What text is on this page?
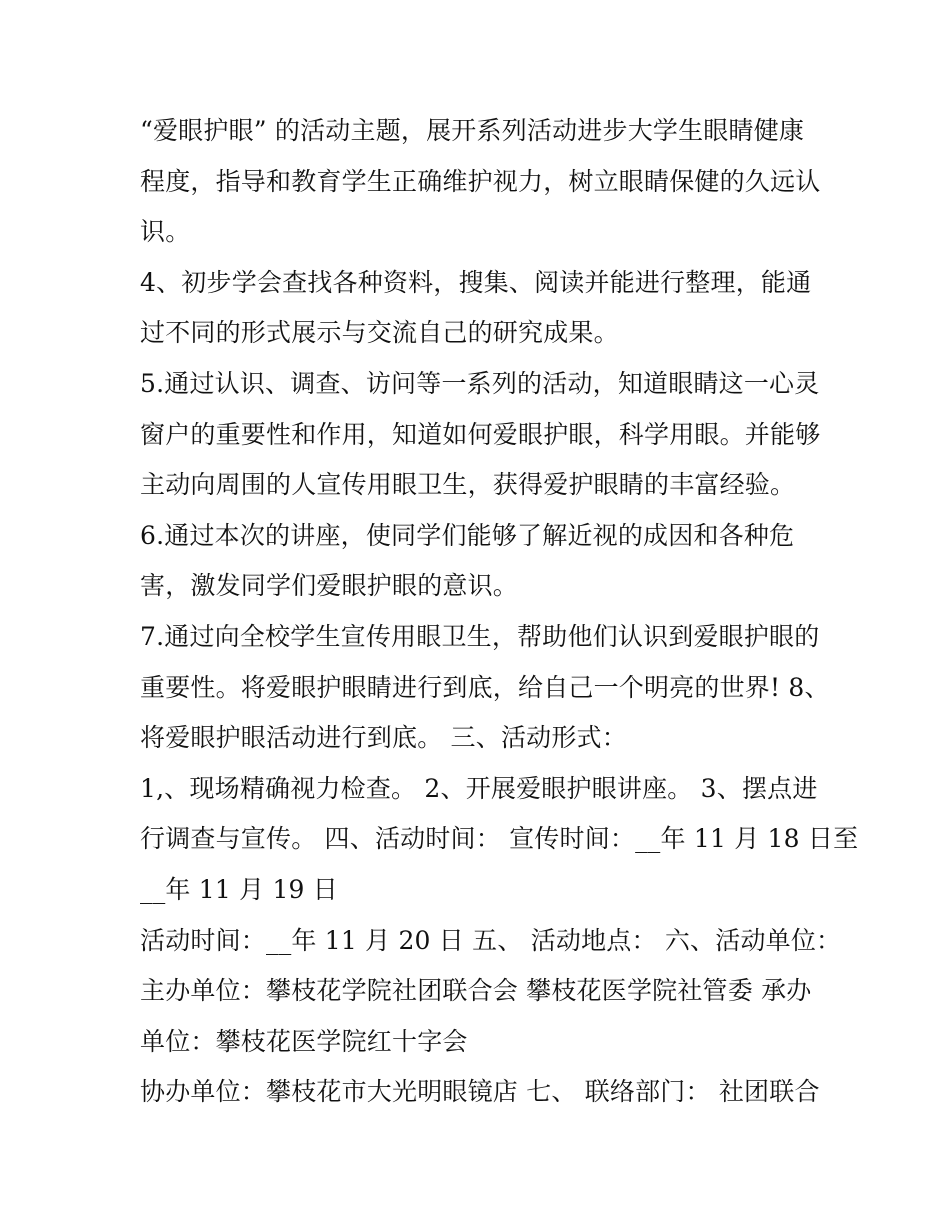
“爱眼护眼” 的活动主题，展开系列活动进步大学生眼睛健康
程度，指导和教育学生正确维护视力，树立眼睛保健的久远认
识。
4、初步学会查找各种资料，搜集、阅读并能进行整理，能通
过不同的形式展示与交流自己的研究成果。
5.通过认识、调查、访问等一系列的活动，知道眼睛这一心灵
窗户的重要性和作用，知道如何爱眼护眼，科学用眼。并能够
主动向周围的人宣传用眼卫生，获得爱护眼睛的丰富经验。
6.通过本次的讲座，使同学们能够了解近视的成因和各种危
害，激发同学们爱眼护眼的意识。
7.通过向全校学生宣传用眼卫生，帮助他们认识到爱眼护眼的
重要性。将爱眼护眼睛进行到底，给自己一个明亮的世界! 8、
将爱眼护眼活动进行到底。 三、活动形式：
1,、现场精确视力检查。 2、开展爱眼护眼讲座。 3、摆点进
行调查与宣传。 四、活动时间： 宣传时间：__年 11 月 18 日至
__年 11 月 19 日
活动时间：__年 11 月 20 日 五、 活动地点： 六、活动单位：
主办单位：攀枝花学院社团联合会 攀枝花医学院社管委 承办
单位：攀枝花医学院红十字会
协办单位：攀枝花市大光明眼镜店 七、 联络部门： 社团联合
